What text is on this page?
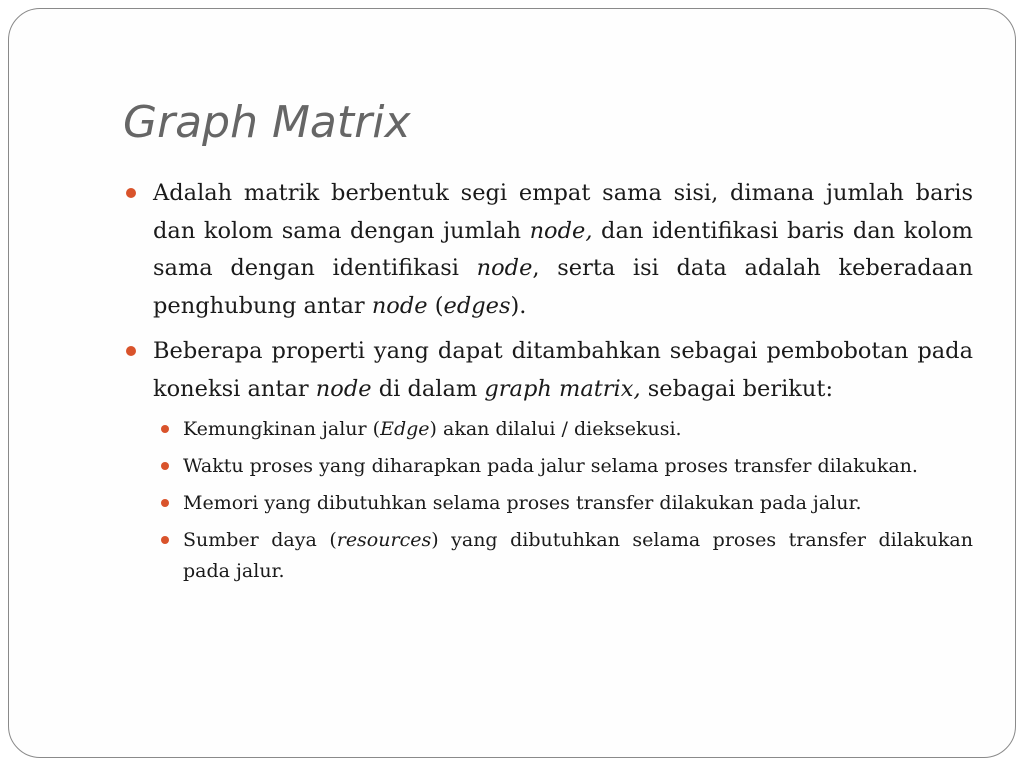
Graph Matrix
Adalah matrik berbentuk segi empat sama sisi, dimana jumlah baris dan kolom sama dengan jumlah node, dan identifikasi baris dan kolom sama dengan identifikasi node, serta isi data adalah keberadaan penghubung antar node (edges).
Beberapa properti yang dapat ditambahkan sebagai pembobotan pada koneksi antar node di dalam graph matrix, sebagai berikut:
Kemungkinan jalur (Edge) akan dilalui / dieksekusi.
Waktu proses yang diharapkan pada jalur selama proses transfer dilakukan.
Memori yang dibutuhkan selama proses transfer dilakukan pada jalur.
Sumber daya (resources) yang dibutuhkan selama proses transfer dilakukan pada jalur.
